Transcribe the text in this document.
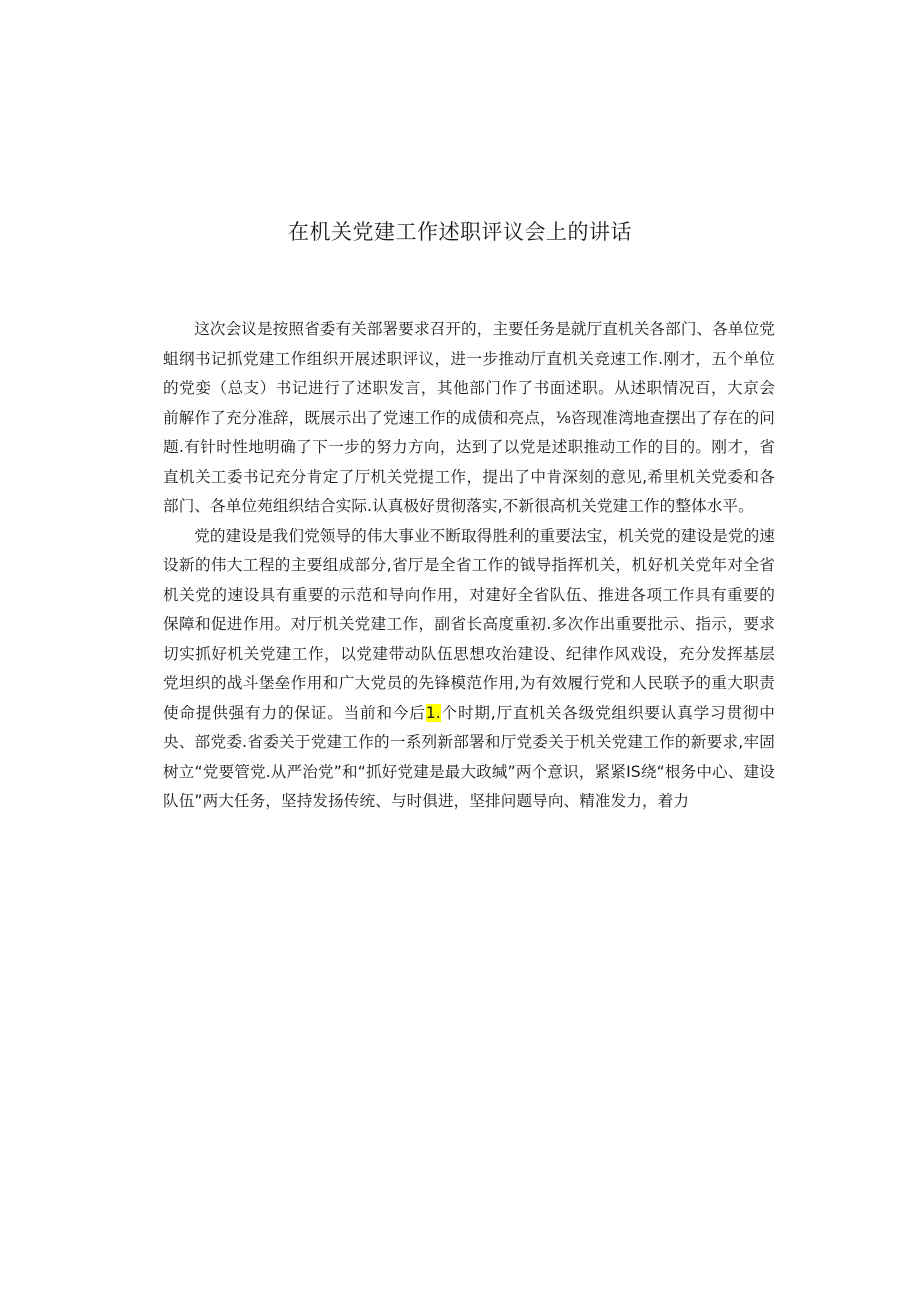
在机关党建工作述职评议会上的讲话

这次会议是按照省委有关部署要求召开的，主要任务是就厅直机关各部门、各单位党蛆纲书记抓党建工作组织开展述职评议，进一步推动厅直机关竞速工作.刚才，五个单位的党娈（总支）书记进行了述职发言，其他部门作了书面述职。从述职情况百，大京会前解作了充分准辞，既展示出了党速工作的成债和亮点，⅛咨现准湾地查摆出了存在的问题.有针时性地明确了下一步的努力方向，达到了以党是述职推动工作的目的。刚才，省直机关工委书记充分肯定了厅机关党提工作，提出了中肯深刻的意见,希里机关党委和各部门、各单位苑组织结合实际.认真极好贯彻落实,不新很高机关党建工作的整体水平。

党的建设是我们党领导的伟大事业不断取得胜利的重要法宝，机关党的建设是党的速设新的伟大工程的主要组成部分,省厅是全省工作的钺导指挥机关，机好机关党年对全省机关党的速设具有重要的示范和导向作用，对建好全省队伍、推进各项工作具有重要的保障和促进作用。对厅机关党建工作，副省长高度重初.多次作出重要批示、指示，要求切实抓好机关党建工作，以党建带动队伍思想攻治建设、纪律作风戏设，充分发挥基层党坦织的战斗堡垒作用和广大党员的先锋模范作用,为有效履行党和人民联予的重大职责使命提供强有力的保证。当前和今后1.个时期,厅直机关各级党组织要认真学习贯彻中央、部党委.省委关于党建工作的一系列新部署和厅党委关于机关党建工作的新要求,牢固树立“党要管党.从严治党”和“抓好党建是最大政缄”两个意识，紧紧IS绕“根务中心、建设队伍”两大任务，坚持发扬传统、与时俱进，坚排问题导向、精准发力，着力
